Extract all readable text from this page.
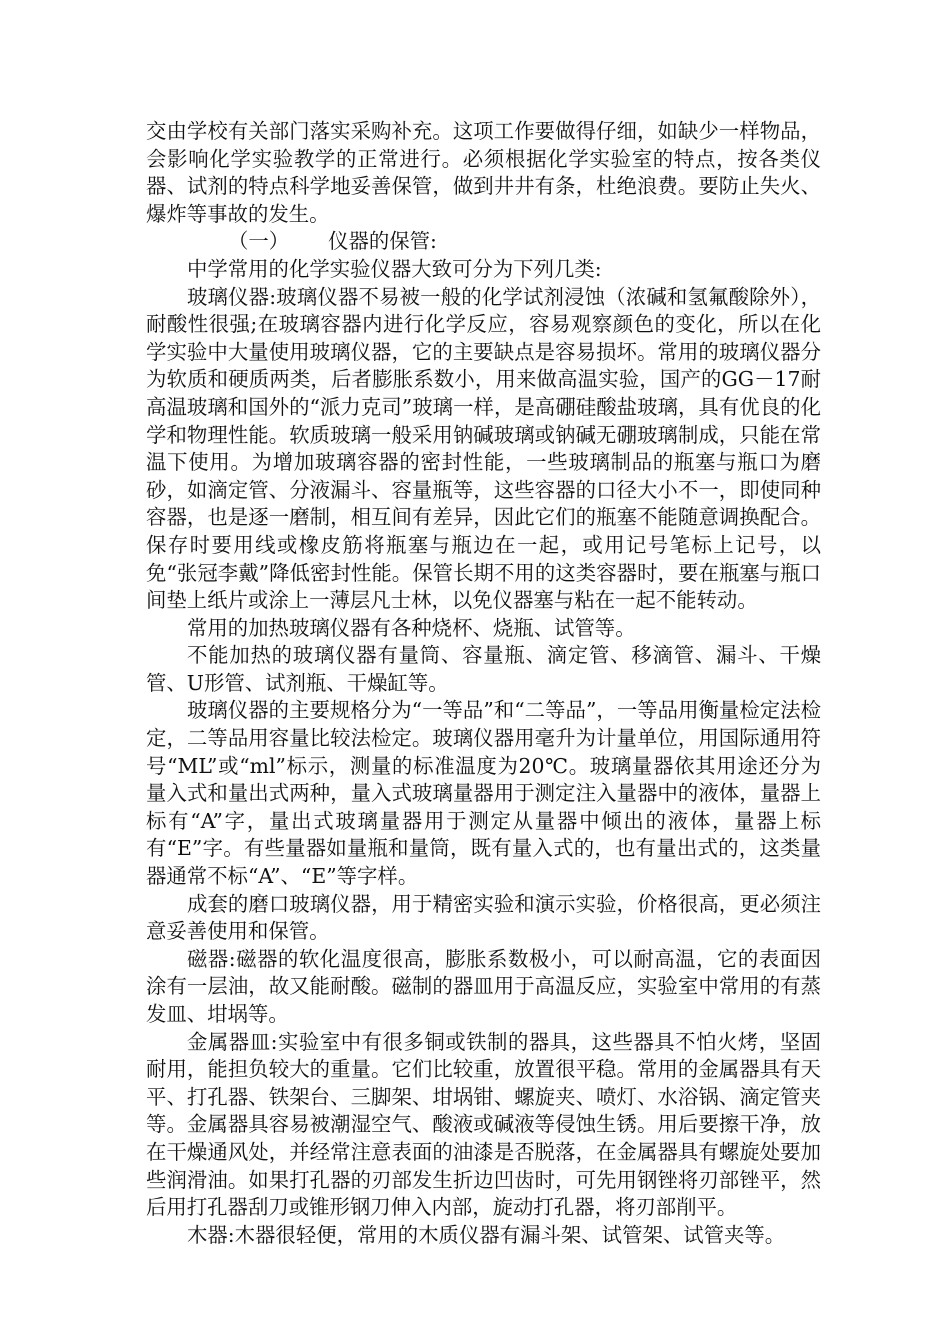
交由学校有关部门落实采购补充。这项工作要做得仔细，如缺少一样物品，会影响化学实验教学的正常进行。必须根据化学实验室的特点，按各类仪器、试剂的特点科学地妥善保管，做到井井有条，杜绝浪费。要防止失火、爆炸等事故的发生。

（一） 仪器的保管:

中学常用的化学实验仪器大致可分为下列几类:

玻璃仪器:玻璃仪器不易被一般的化学试剂浸蚀（浓碱和氢氟酸除外），耐酸性很强;在玻璃容器内进行化学反应，容易观察颜色的变化，所以在化学实验中大量使用玻璃仪器，它的主要缺点是容易损坏。常用的玻璃仪器分为软质和硬质两类，后者膨胀系数小，用来做高温实验，国产的GG－17耐高温玻璃和国外的“派力克司”玻璃一样，是高硼硅酸盐玻璃，具有优良的化学和物理性能。软质玻璃一般采用钠碱玻璃或钠碱无硼玻璃制成，只能在常温下使用。为增加玻璃容器的密封性能，一些玻璃制品的瓶塞与瓶口为磨砂，如滴定管、分液漏斗、容量瓶等，这些容器的口径大小不一，即使同种容器，也是逐一磨制，相互间有差异，因此它们的瓶塞不能随意调换配合。保存时要用线或橡皮筋将瓶塞与瓶边在一起，或用记号笔标上记号，以免“张冠李戴”降低密封性能。保管长期不用的这类容器时，要在瓶塞与瓶口间垫上纸片或涂上一薄层凡士林，以免仪器塞与粘在一起不能转动。

常用的加热玻璃仪器有各种烧杯、烧瓶、试管等。

不能加热的玻璃仪器有量筒、容量瓶、滴定管、移滴管、漏斗、干燥管、U形管、试剂瓶、干燥缸等。

玻璃仪器的主要规格分为“一等品”和“二等品”，一等品用衡量检定法检定，二等品用容量比较法检定。玻璃仪器用毫升为计量单位，用国际通用符号“ML”或“ml”标示，测量的标准温度为20℃。玻璃量器依其用途还分为量入式和量出式两种，量入式玻璃量器用于测定注入量器中的液体，量器上标有“A”字，量出式玻璃量器用于测定从量器中倾出的液体，量器上标有“E”字。有些量器如量瓶和量筒，既有量入式的，也有量出式的，这类量器通常不标“A”、“E”等字样。

成套的磨口玻璃仪器，用于精密实验和演示实验，价格很高，更必须注意妥善使用和保管。

磁器:磁器的软化温度很高，膨胀系数极小，可以耐高温，它的表面因涂有一层油，故又能耐酸。磁制的器皿用于高温反应，实验室中常用的有蒸发皿、坩埚等。

金属器皿:实验室中有很多铜或铁制的器具，这些器具不怕火烤，坚固耐用，能担负较大的重量。它们比较重，放置很平稳。常用的金属器具有天平、打孔器、铁架台、三脚架、坩埚钳、螺旋夹、喷灯、水浴锅、滴定管夹等。金属器具容易被潮湿空气、酸液或碱液等侵蚀生锈。用后要擦干净，放在干燥通风处，并经常注意表面的油漆是否脱落，在金属器具有螺旋处要加些润滑油。如果打孔器的刃部发生折边凹齿时，可先用钢锉将刃部锉平，然后用打孔器刮刀或锥形钢刀伸入内部，旋动打孔器，将刃部削平。

木器:木器很轻便，常用的木质仪器有漏斗架、试管架、试管夹等。
